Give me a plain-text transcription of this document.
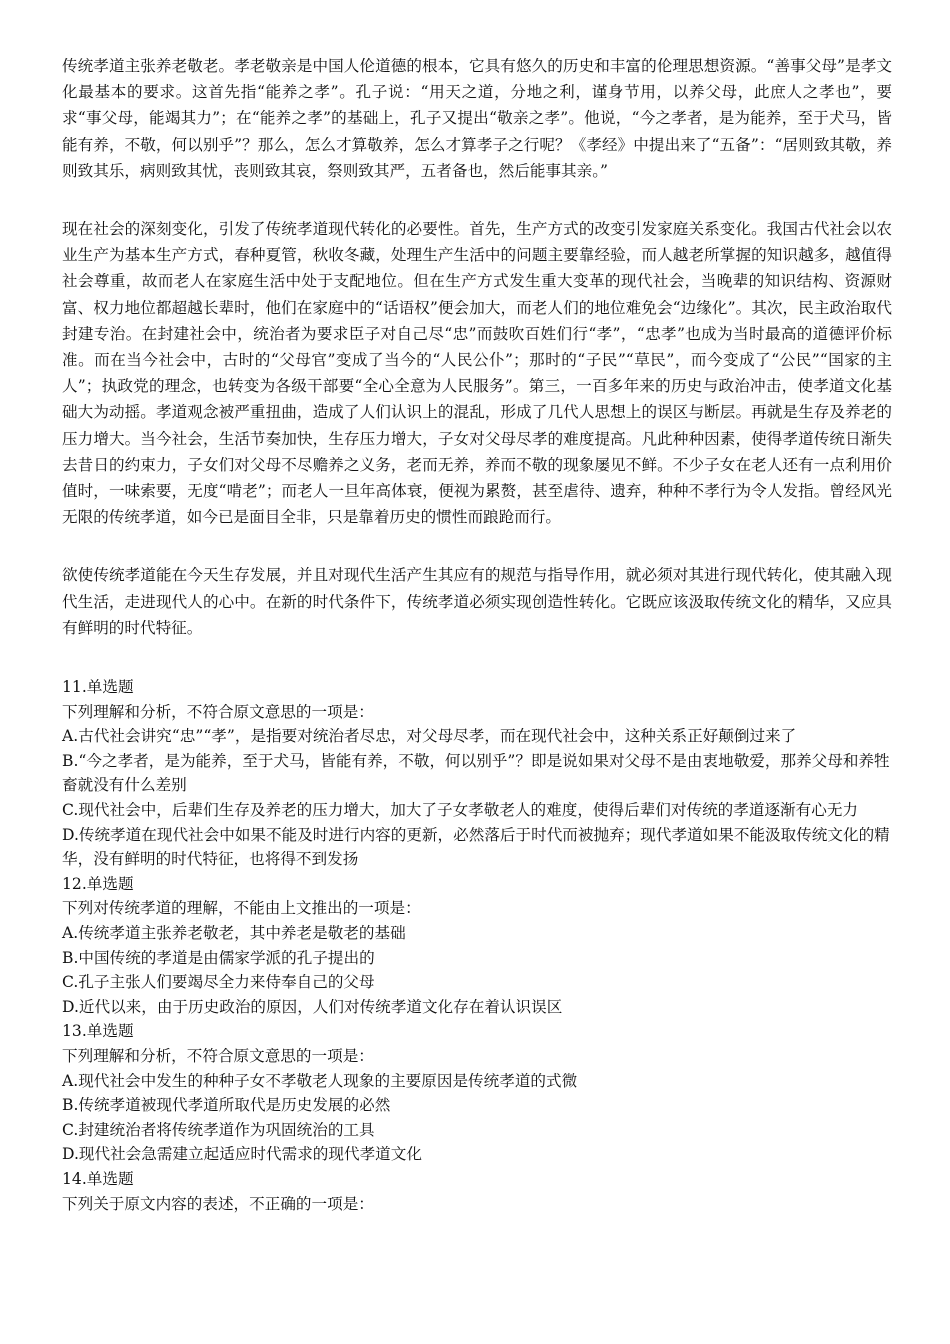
传统孝道主张养老敬老。孝老敬亲是中国人伦道德的根本，它具有悠久的历史和丰富的伦理思想资源。“善事父母”是孝文化最基本的要求。这首先指“能养之孝”。孔子说：“用天之道，分地之利，谨身节用，以养父母，此庶人之孝也”，要求“事父母，能竭其力”；在“能养之孝”的基础上，孔子又提出“敬亲之孝”。他说，“今之孝者，是为能养，至于犬马，皆能有养，不敬，何以别乎”？那么，怎么才算敬养，怎么才算孝子之行呢？《孝经》中提出来了“五备”：“居则致其敬，养则致其乐，病则致其忧，丧则致其哀，祭则致其严，五者备也，然后能事其亲。”

现在社会的深刻变化，引发了传统孝道现代转化的必要性。首先，生产方式的改变引发家庭关系变化。我国古代社会以农业生产为基本生产方式，春种夏管，秋收冬藏，处理生产生活中的问题主要靠经验，而人越老所掌握的知识越多，越值得社会尊重，故而老人在家庭生活中处于支配地位。但在生产方式发生重大变革的现代社会，当晚辈的知识结构、资源财富、权力地位都超越长辈时，他们在家庭中的“话语权”便会加大，而老人们的地位难免会“边缘化”。其次，民主政治取代封建专治。在封建社会中，统治者为要求臣子对自己尽“忠”而鼓吹百姓们行“孝”，“忠孝”也成为当时最高的道德评价标准。而在当今社会中，古时的“父母官”变成了当今的“人民公仆”；那时的“子民”“草民”，而今变成了“公民”“国家的主人”；执政党的理念，也转变为各级干部要“全心全意为人民服务”。第三，一百多年来的历史与政治冲击，使孝道文化基础大为动摇。孝道观念被严重扭曲，造成了人们认识上的混乱，形成了几代人思想上的误区与断层。再就是生存及养老的压力增大。当今社会，生活节奏加快，生存压力增大，子女对父母尽孝的难度提高。凡此种种因素，使得孝道传统日渐失去昔日的约束力，子女们对父母不尽赡养之义务，老而无养，养而不敬的现象屡见不鲜。不少子女在老人还有一点利用价值时，一味索要，无度“啃老”；而老人一旦年高体衰，便视为累赘，甚至虐待、遗弃，种种不孝行为令人发指。曾经风光无限的传统孝道，如今已是面目全非，只是靠着历史的惯性而踉跄而行。

欲使传统孝道能在今天生存发展，并且对现代生活产生其应有的规范与指导作用，就必须对其进行现代转化，使其融入现代生活，走进现代人的心中。在新的时代条件下，传统孝道必须实现创造性转化。它既应该汲取传统文化的精华，又应具有鲜明的时代特征。

11.单选题

下列理解和分析，不符合原文意思的一项是：

A.古代社会讲究“忠”“孝”，是指要对统治者尽忠，对父母尽孝，而在现代社会中，这种关系正好颠倒过来了

B.“今之孝者，是为能养，至于犬马，皆能有养，不敬，何以别乎”？即是说如果对父母不是由衷地敬爱，那养父母和养牲畜就没有什么差别

C.现代社会中，后辈们生存及养老的压力增大，加大了子女孝敬老人的难度，使得后辈们对传统的孝道逐渐有心无力

D.传统孝道在现代社会中如果不能及时进行内容的更新，必然落后于时代而被抛弃；现代孝道如果不能汲取传统文化的精华，没有鲜明的时代特征，也将得不到发扬

12.单选题

下列对传统孝道的理解，不能由上文推出的一项是：

A.传统孝道主张养老敬老，其中养老是敬老的基础

B.中国传统的孝道是由儒家学派的孔子提出的

C.孔子主张人们要竭尽全力来侍奉自己的父母

D.近代以来，由于历史政治的原因，人们对传统孝道文化存在着认识误区

13.单选题

下列理解和分析，不符合原文意思的一项是：

A.现代社会中发生的种种子女不孝敬老人现象的主要原因是传统孝道的式微

B.传统孝道被现代孝道所取代是历史发展的必然

C.封建统治者将传统孝道作为巩固统治的工具

D.现代社会急需建立起适应时代需求的现代孝道文化

14.单选题

下列关于原文内容的表述，不正确的一项是：
